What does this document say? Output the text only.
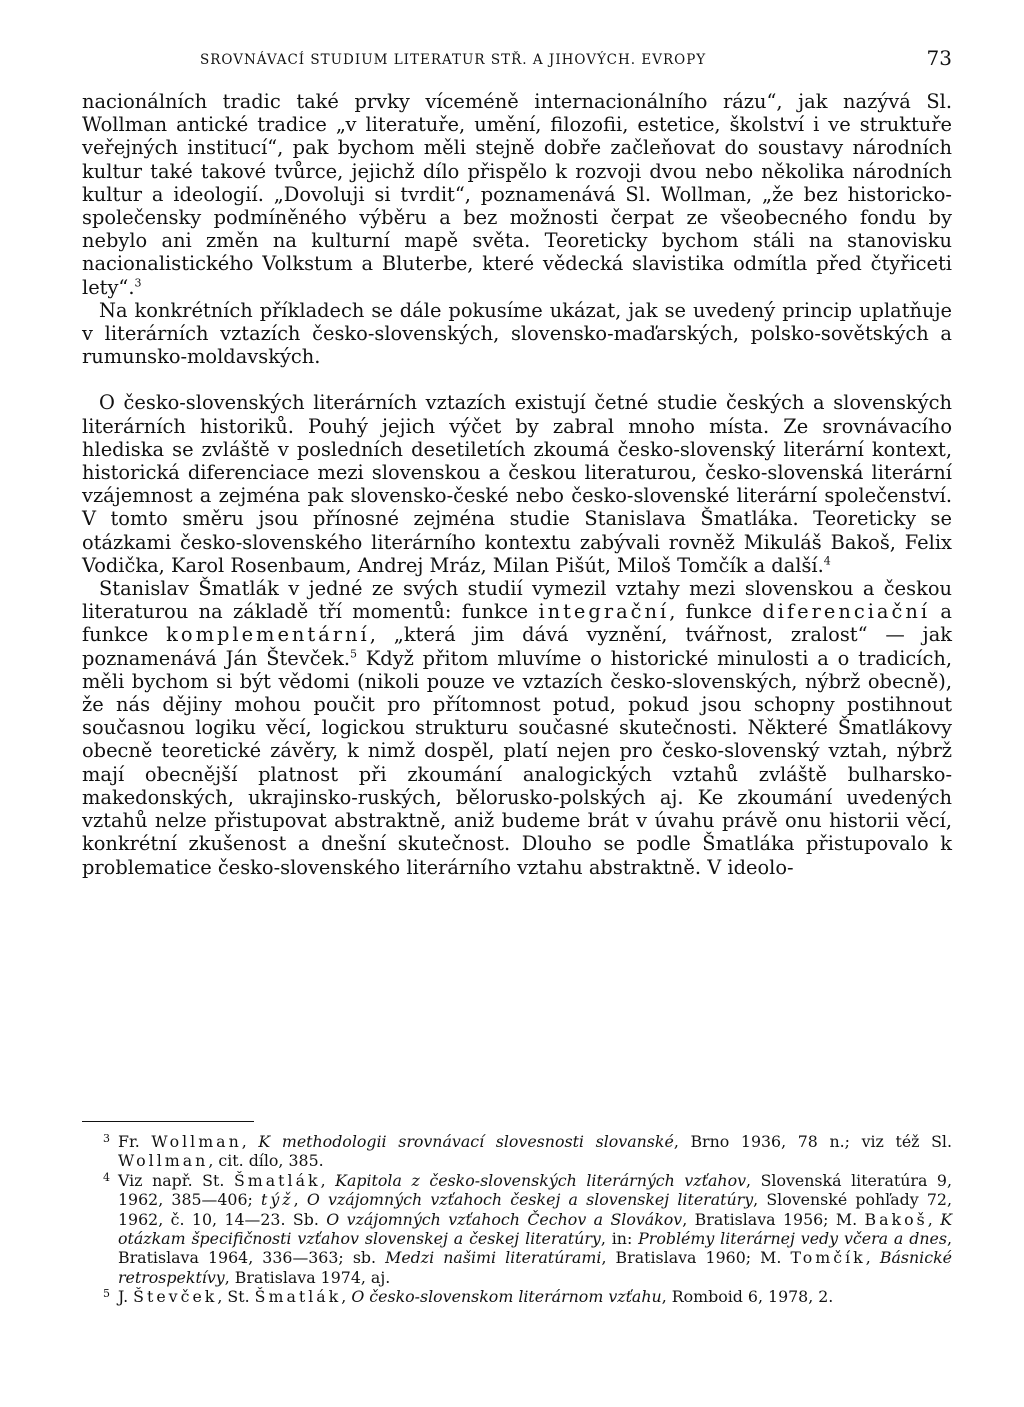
SROVNÁVACÍ STUDIUM LITERATUR STŘ. A JIHOVÝCH. EVROPY	73

nacionálních tradic také prvky víceméně internacionálního rázu“, jak nazývá Sl. Wollman antické tradice „v literatuře, umění, filozofii, estetice, školství i ve struktuře veřejných institucí“, pak bychom měli stejně dobře začleňovat do soustavy národních kultur také takové tvůrce, jejichž dílo přispělo k rozvoji dvou nebo několika národních kultur a ideologií. „Dovoluji si tvrdit“, poznamenává Sl. Wollman, „že bez historicko-společensky podmíněného výběru a bez možnosti čerpat ze všeobecného fondu by nebylo ani změn na kulturní mapě světa. Teoreticky bychom stáli na stanovisku nacionalistického Volkstum a Bluterbe, které vědecká slavistika odmítla před čtyřiceti lety“.$^3$

Na konkrétních příkladech se dále pokusíme ukázat, jak se uvedený princip uplatňuje v literárních vztazích česko-slovenských, slovensko-maďarských, polsko-sovětských a rumunsko-moldavských.

O česko-slovenských literárních vztazích existují četné studie českých a slovenských literárních historiků. Pouhý jejich výčet by zabral mnoho místa. Ze srovnávacího hlediska se zvláště v posledních desetiletích zkoumá česko-slovenský literární kontext, historická diferenciace mezi slovenskou a českou literaturou, česko-slovenská literární vzájemnost a zejména pak slovensko-české nebo česko-slovenské literární společenství. V tomto směru jsou přínosné zejména studie Stanislava Šmatláka. Teoreticky se otázkami česko-slovenského literárního kontextu zabývali rovněž Mikuláš Bakoš, Felix Vodička, Karol Rosenbaum, Andrej Mráz, Milan Pišút, Miloš Tomčík a další.$^4$

Stanislav Šmatlák v jedné ze svých studií vymezil vztahy mezi slovenskou a českou literaturou na základě tří momentů: funkce integrační, funkce diferenciační a funkce komplementární, „která jim dává vyznění, tvářnost, zralost“ — jak poznamenává Ján Števček.$^5$ Když přitom mluvíme o historické minulosti a o tradicích, měli bychom si být vědomi (nikoli pouze ve vztazích česko-slovenských, nýbrž obecně), že nás dějiny mohou poučit pro přítomnost potud, pokud jsou schopny postihnout současnou logiku věcí, logickou strukturu současné skutečnosti. Některé Šmatlákovy obecně teoretické závěry, k nimž dospěl, platí nejen pro česko-slovenský vztah, nýbrž mají obecnější platnost při zkoumání analogických vztahů zvláště bulharsko-makedonských, ukrajinsko-ruských, bělorusko-polských aj. Ke zkoumání uvedených vztahů nelze přistupovat abstraktně, aniž budeme brát v úvahu právě onu historii věcí, konkrétní zkušenost a dnešní skutečnost. Dlouho se podle Šmatláka přistupovalo k problematice česko-slovenského literárního vztahu abstraktně. V ideolo-

3 Fr. Wollman, K methodologii srovnávací slovesnosti slovanské, Brno 1936, 78 n.; viz též Sl. Wollman, cit. dílo, 385.

4 Viz např. St. Šmatlák, Kapitola z česko-slovenských literárných vzťahov, Slovenská literatúra 9, 1962, 385—406; týž, O vzájomných vzťahoch českej a slovenskej literatúry, Slovenské pohľady 72, 1962, č. 10, 14—23. Sb. O vzájomných vzťahoch Čechov a Slovákov, Bratislava 1956; M. Bakoš, K otázkam špecifičnosti vzťahov slovenskej a českej literatúry, in: Problémy literárnej vedy včera a dnes, Bratislava 1964, 336—363; sb. Medzi našimi literatúrami, Bratislava 1960; M. Tomčík, Básnické retrospektívy, Bratislava 1974, aj.

5 J. Števček, St. Šmatlák, O česko-slovenskom literárnom vzťahu, Romboid 6, 1978, 2.
